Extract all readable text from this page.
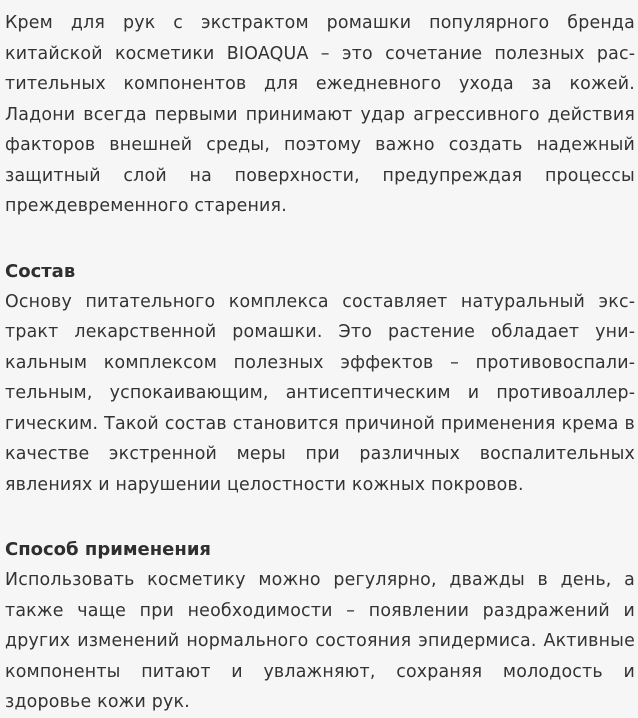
Крем для рук с экстрактом ромашки популярного бренда китайской косметики BIOAQUA – это сочетание полезных растительных компонентов для ежедневного ухода за кожей. Ладони всегда первыми принимают удар агрессивного действия факторов внешней среды, поэтому важно создать надежный защитный слой на поверхности, предупреждая процессы преждевременного старения.

Состав

Основу питательного комплекса составляет натуральный экстракт лекарственной ромашки. Это растение обладает уникальным комплексом полезных эффектов – противовоспалительным, успокаивающим, антисептическим и противоаллергическим. Такой состав становится причиной применения крема в качестве экстренной меры при различных воспалительных явлениях и нарушении целостности кожных покровов.

Способ применения

Использовать косметику можно регулярно, дважды в день, а также чаще при необходимости – появлении раздражений и других изменений нормального состояния эпидермиса. Активные компоненты питают и увлажняют, сохраняя молодость и здоровье кожи рук.
